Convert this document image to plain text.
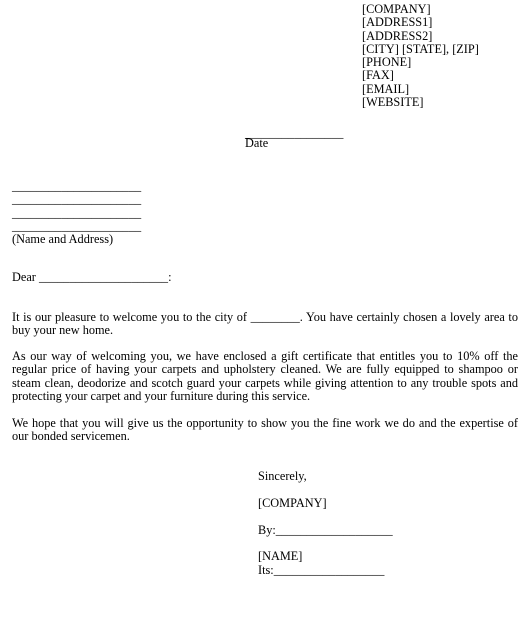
[COMPANY]
[ADDRESS1]
[ADDRESS2]
[CITY] [STATE], [ZIP]
[PHONE]
[FAX]
[EMAIL]
[WEBSITE]
________________
Date
_____________________
_____________________
_____________________
_____________________
(Name and Address)
Dear _____________________:
It is our pleasure to welcome you to the city of ________. You have certainly chosen a lovely area to buy your new home.
As our way of welcoming you, we have enclosed a gift certificate that entitles you to 10% off the regular price of having your carpets and upholstery cleaned. We are fully equipped to shampoo or steam clean, deodorize and scotch guard your carpets while giving attention to any trouble spots and protecting your carpet and your furniture during this service.
We hope that you will give us the opportunity to show you the fine work we do and the expertise of our bonded servicemen.
Sincerely,
[COMPANY]
By:___________________
[NAME]
Its:__________________
